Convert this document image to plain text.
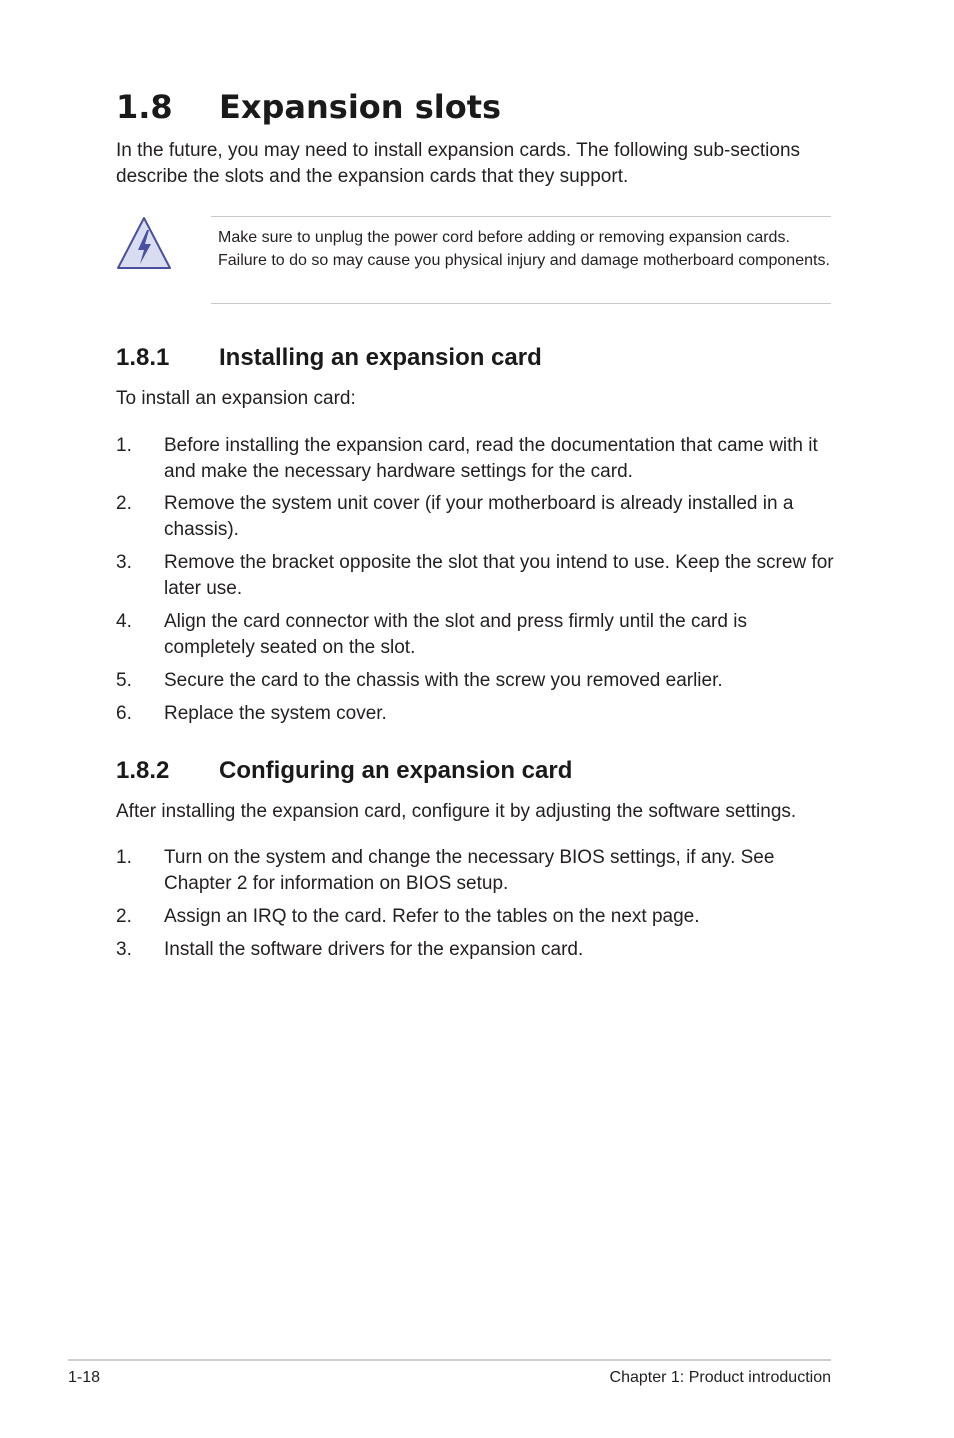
1.8 Expansion slots
In the future, you may need to install expansion cards. The following sub-sections describe the slots and the expansion cards that they support.
Make sure to unplug the power cord before adding or removing expansion cards. Failure to do so may cause you physical injury and damage motherboard components.
1.8.1 Installing an expansion card
To install an expansion card:
1. Before installing the expansion card, read the documentation that came with it and make the necessary hardware settings for the card.
2. Remove the system unit cover (if your motherboard is already installed in a chassis).
3. Remove the bracket opposite the slot that you intend to use. Keep the screw for later use.
4. Align the card connector with the slot and press firmly until the card is completely seated on the slot.
5. Secure the card to the chassis with the screw you removed earlier.
6. Replace the system cover.
1.8.2 Configuring an expansion card
After installing the expansion card, configure it by adjusting the software settings.
1. Turn on the system and change the necessary BIOS settings, if any. See Chapter 2 for information on BIOS setup.
2. Assign an IRQ to the card. Refer to the tables on the next page.
3. Install the software drivers for the expansion card.
1-18	Chapter 1: Product introduction
